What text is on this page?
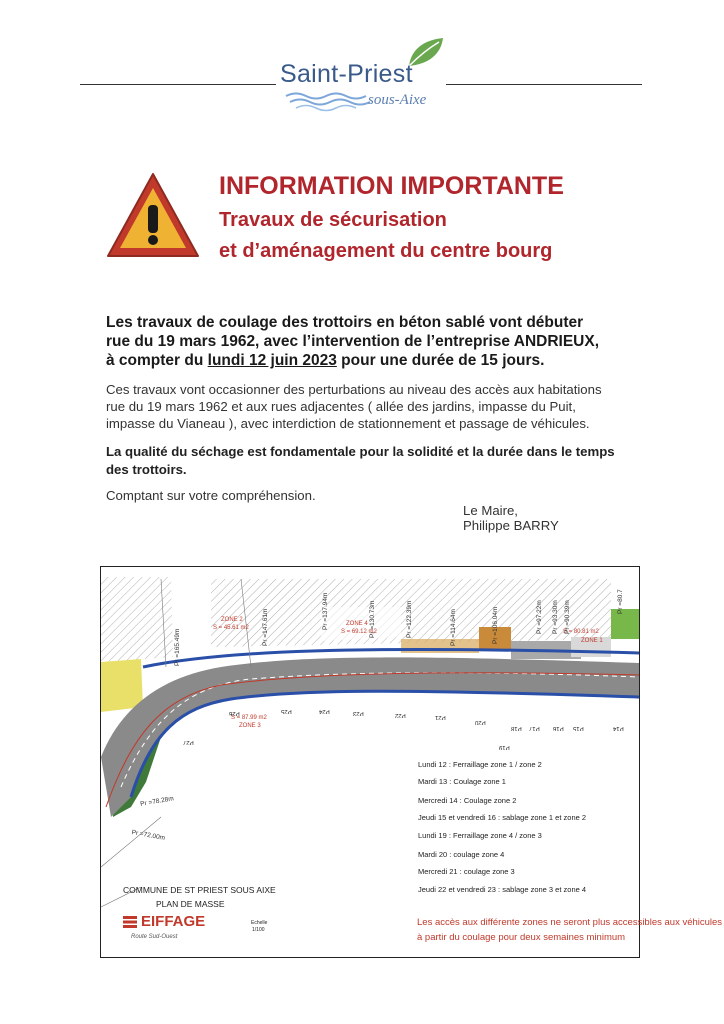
Saint-Priest
sous-Aixe
INFORMATION IMPORTANTE
Travaux de sécurisation
et d’aménagement du centre bourg
Les travaux de coulage des trottoirs en béton sablé vont débuter
rue du 19 mars 1962, avec l’intervention de l’entreprise ANDRIEUX,
à compter du lundi 12 juin 2023 pour une durée de 15 jours.
Ces travaux vont occasionner des perturbations au niveau des accès aux habitations
rue du 19 mars 1962 et aux rues adjacentes ( allée des jardins, impasse du Puit,
impasse du Vianeau ), avec interdiction de stationnement et passage de véhicules.
La qualité du séchage est fondamentale pour la solidité et la durée dans le temps
des trottoirs.
Comptant sur votre compréhension.
Le Maire,
Philippe BARRY
ZONE 2
S = 45.61 m2
ZONE 4
S = 69.12 m2
S = 87.99 m2
ZONE 3
S = 80.81 m2
ZONE 1
Pr =165.49m
Pr =147.61m	Pr =137.94m	Pr =130.73m	Pr =122.39m	Pr =114.64m	Pr =106.04m	Pr =97.22m	Pr =90.39m
Pr =93.30m	Pr =80.7
Pr =78.28m
Pr =72.00m
P27
P26	P25	P24	P23	P22	P21
P20
P19
P18 P17 P16 P15	P14
Lundi 12 : Ferraillage zone 1 / zone 2
Mardi 13 : Coulage zone 1
Mercredi 14 : Coulage zone 2
Jeudi 15 et vendredi 16 : sablage zone 1 et zone 2
Lundi 19 : Ferraillage zone 4 / zone 3
Mardi 20 : coulage zone 4
Mercredi 21 : coulage zone 3
Jeudi 22 et vendredi 23 : sablage zone 3 et zone 4
Les accès aux différente zones ne seront plus accessibles aux véhicules
à partir du coulage pour deux semaines minimum
COMMUNE DE ST PRIEST SOUS AIXE
PLAN DE MASSE
EIFFAGE
Route Sud-Ouest
Echelle
1/100
